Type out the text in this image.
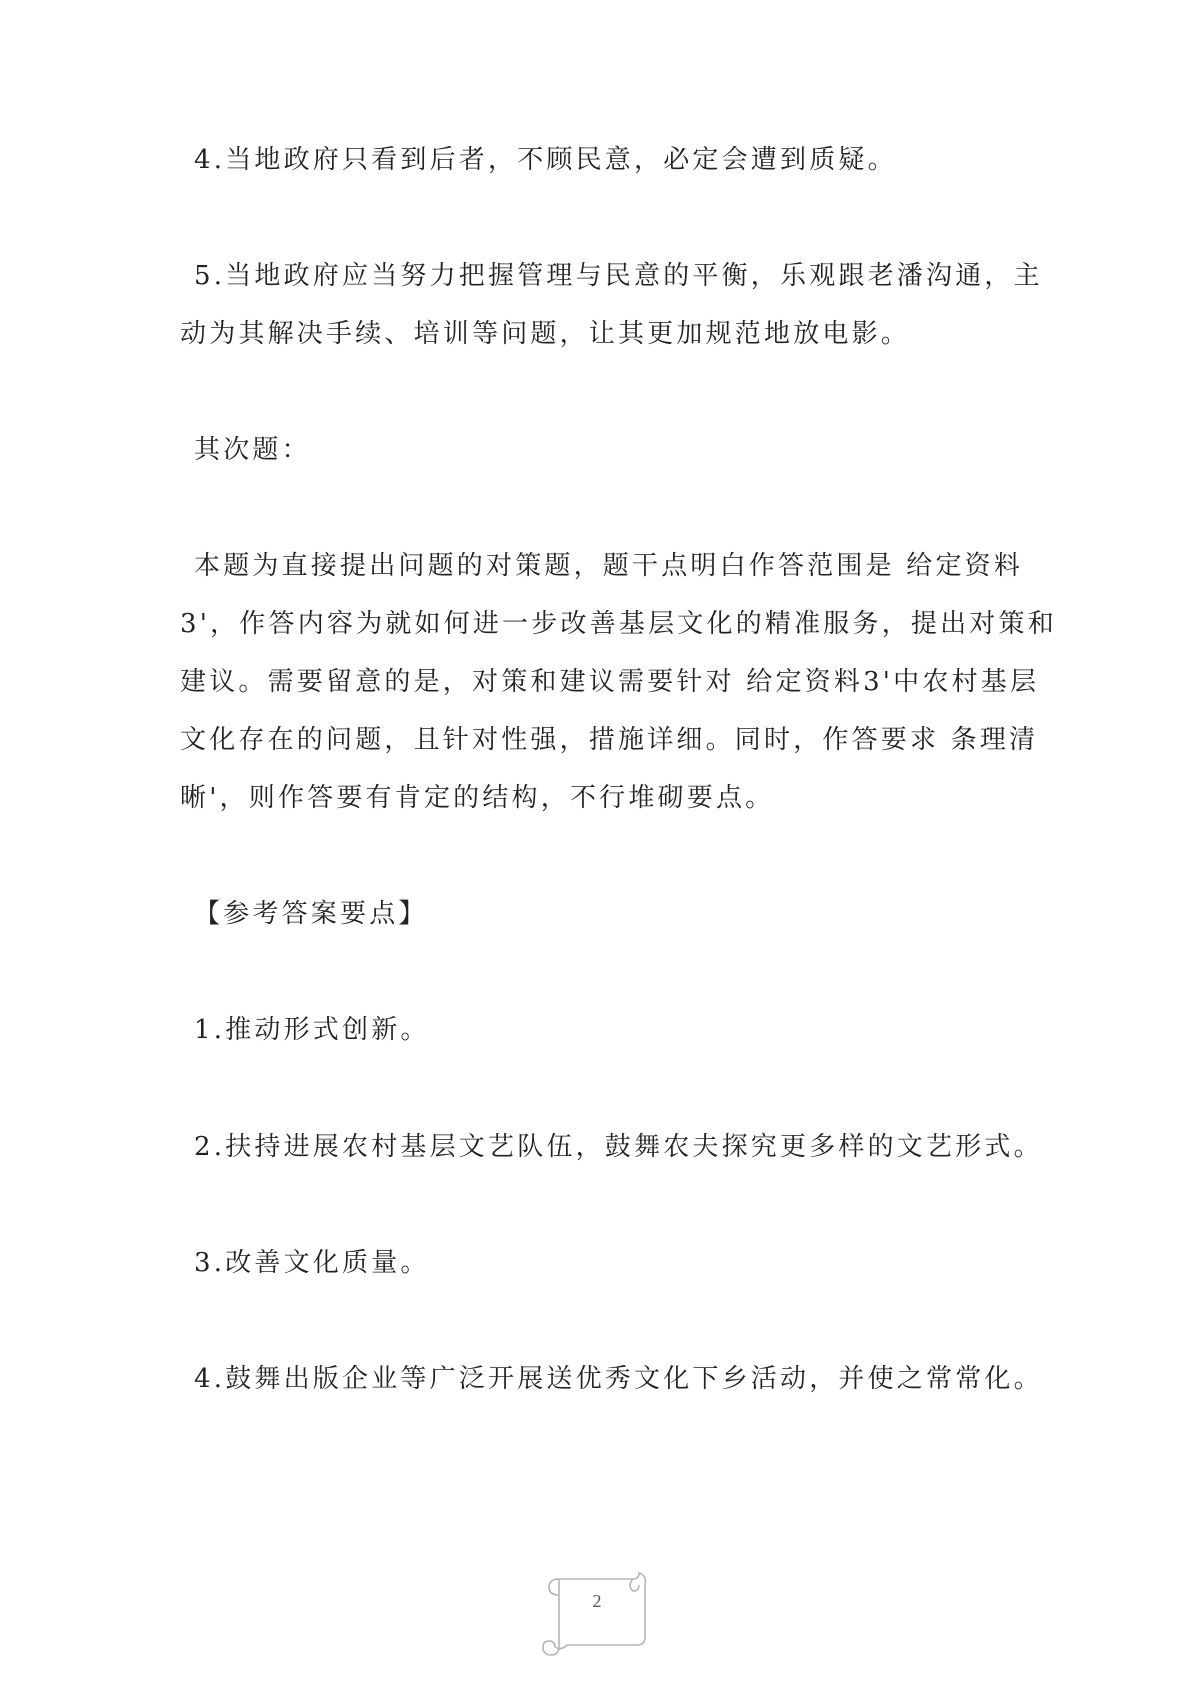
4.当地政府只看到后者，不顾民意，必定会遭到质疑。

5.当地政府应当努力把握管理与民意的平衡，乐观跟老潘沟通，主

动为其解决手续、培训等问题，让其更加规范地放电影。

其次题：

本题为直接提出问题的对策题，题干点明白作答范围是 给定资料

3'，作答内容为就如何进一步改善基层文化的精准服务，提出对策和

建议。需要留意的是，对策和建议需要针对 给定资料3'中农村基层

文化存在的问题，且针对性强，措施详细。同时，作答要求 条理清

晰'，则作答要有肯定的结构，不行堆砌要点。

【参考答案要点】

1.推动形式创新。

2.扶持进展农村基层文艺队伍，鼓舞农夫探究更多样的文艺形式。

3.改善文化质量。

4.鼓舞出版企业等广泛开展送优秀文化下乡活动，并使之常常化。

2
